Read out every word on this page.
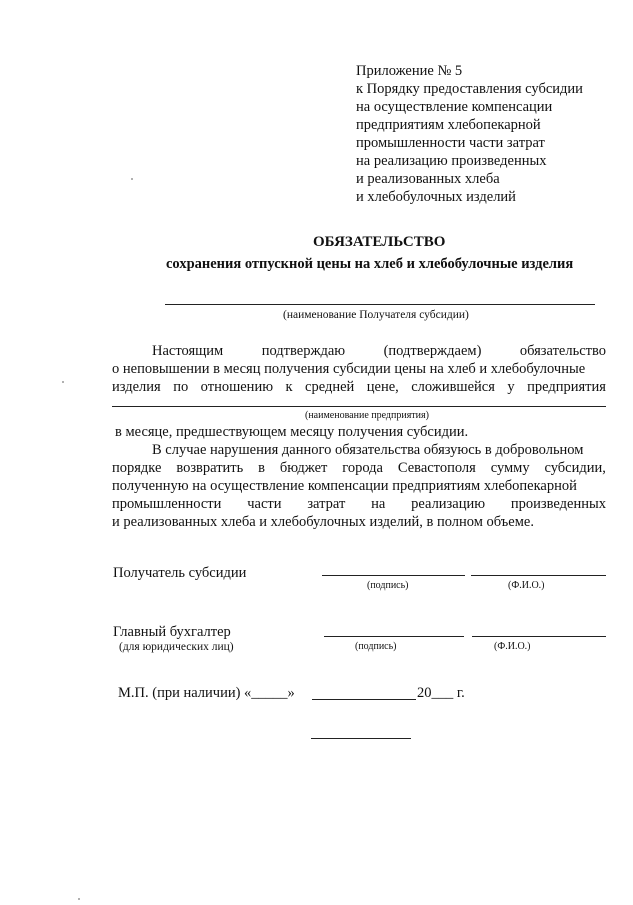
Приложение № 5
к Порядку предоставления субсидии
на осуществление компенсации
предприятиям хлебопекарной
промышленности части затрат
на реализацию произведенных
и реализованных хлеба
и хлебобулочных изделий
ОБЯЗАТЕЛЬСТВО
сохранения отпускной цены на хлеб и хлебобулочные изделия
(наименование Получателя субсидии)
Настоящим	подтверждаю	(подтверждаем)	обязательство
о неповышении в месяц получения субсидии цены на хлеб и хлебобулочные
изделия по отношению к средней цене, сложившейся у предприятия
(наименование предприятия)
в месяце, предшествующем месяцу получения субсидии.
В случае нарушения данного обязательства обязуюсь в добровольном
порядке возвратить в бюджет города Севастополя сумму субсидии,
полученную на осуществление компенсации предприятиям хлебопекарной
промышленности части затрат на реализацию произведенных
и реализованных хлеба и хлебобулочных изделий, в полном объеме.
Получатель субсидии
(подпись)	(Ф.И.О.)
Главный бухгалтер
(для юридических лиц)	(подпись)	(Ф.И.О.)
М.П. (при наличии) «_____»	20___ г.
